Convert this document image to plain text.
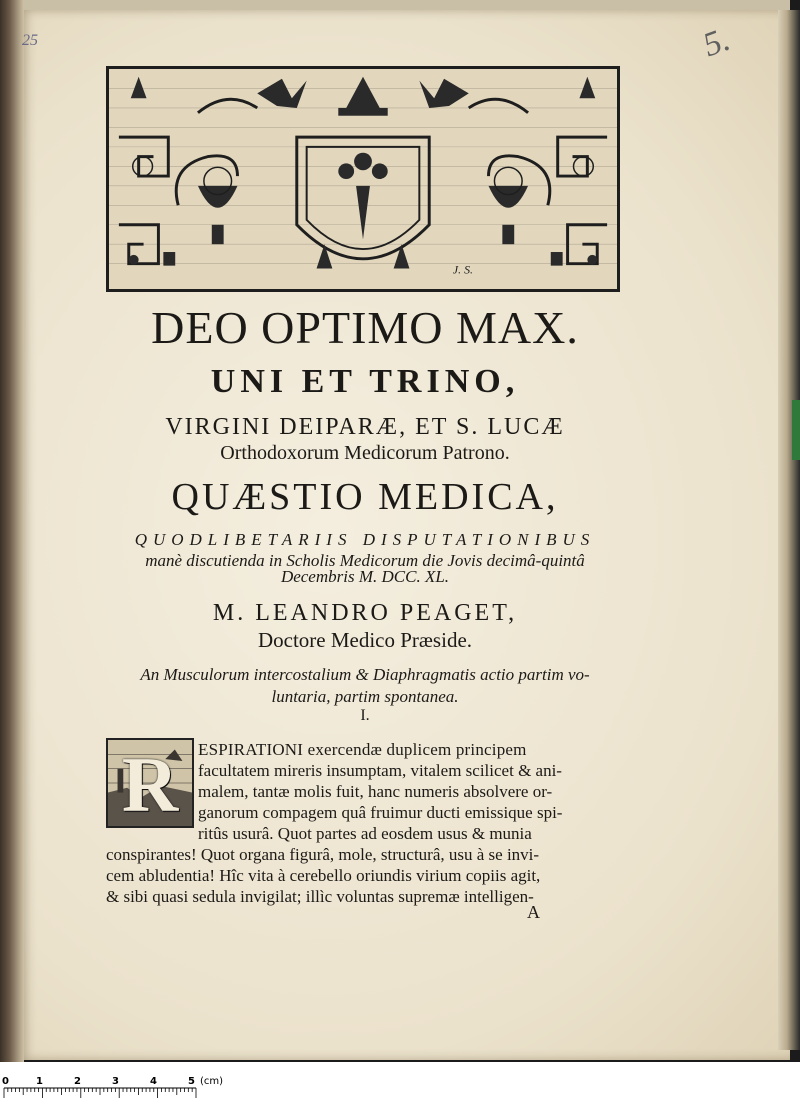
25	5.
J. S.
DEO OPTIMO MAX.
UNI ET TRINO,
VIRGINI DEIPARÆ, ET S. LUCÆ
Orthodoxorum Medicorum Patrono.
QUÆSTIO MEDICA,
QUODLIBETARIIS DISPUTATIONIBUS
manè discutienda in Scholis Medicorum die Jovis decimâ-quintâ
Decembris M. DCC. XL.
M. LEANDRO PEAGET,
Doctore Medico Præside.
An Musculorum intercostalium & Diaphragmatis actio partim vo-
luntaria, partim spontanea.
I.
R	ESPIRATIONI exercendæ duplicem principem
facultatem mireris insumptam, vitalem scilicet & ani-
malem, tantæ molis fuit, hanc numeris absolvere or-
ganorum compagem quâ fruimur ducti emissique spi-
ritûs usurâ. Quot partes ad eosdem usus & munia
conspirantes! Quot organa figurâ, mole, structurâ, usu à se invi-
cem abludentia! Hîc vita à cerebello oriundis virium copiis agit,
& sibi quasi sedula invigilat; illìc voluntas supremæ intelligen-
A
0	1	2	3	4	5 (cm)
